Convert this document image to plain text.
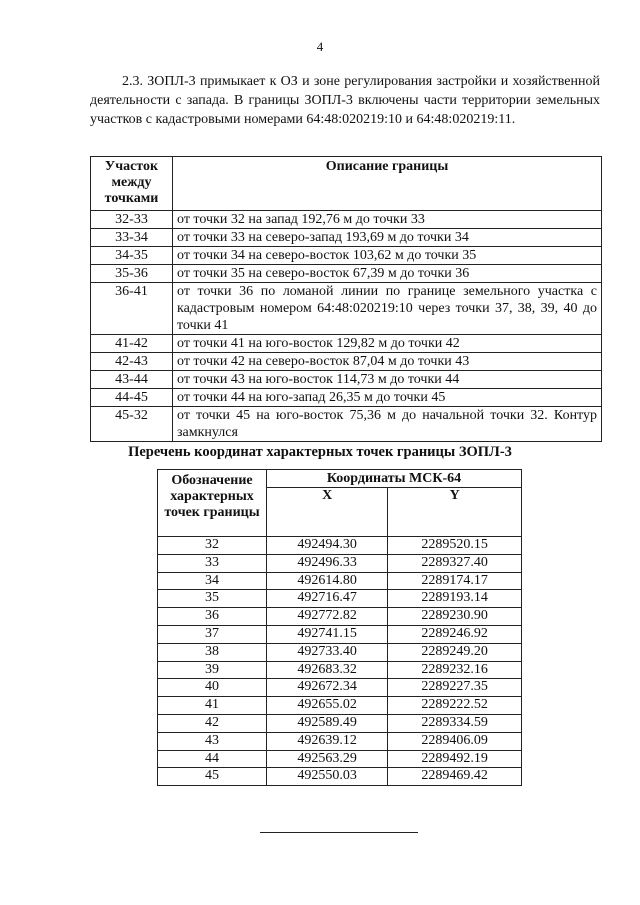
4

2.3. ЗОПЛ-3 примыкает к ОЗ и зоне регулирования застройки и хозяйственной деятельности с запада. В границы ЗОПЛ-3 включены части территории земельных участков с кадастровыми номерами 64:48:020219:10 и 64:48:020219:11.

Участок между точками	Описание границы
32-33	от точки 32 на запад 192,76 м до точки 33
33-34	от точки 33 на северо-запад 193,69 м до точки 34
34-35	от точки 34 на северо-восток 103,62 м до точки 35
35-36	от точки 35 на северо-восток 67,39 м до точки 36
36-41	от точки 36 по ломаной линии по границе земельного участка с кадастровым номером 64:48:020219:10 через точки 37, 38, 39, 40 до точки 41
41-42	от точки 41 на юго-восток 129,82 м до точки 42
42-43	от точки 42 на северо-восток 87,04 м до точки 43
43-44	от точки 43 на юго-восток 114,73 м до точки 44
44-45	от точки 44 на юго-запад 26,35 м до точки 45
45-32	от точки 45 на юго-восток 75,36 м до начальной точки 32. Контур замкнулся
Перечень координат характерных точек границы ЗОПЛ-3
Обозначение характерных точек границы	Координаты МСК-64	
	X	Y
32	492494.30	2289520.15
33	492496.33	2289327.40
34	492614.80	2289174.17
35	492716.47	2289193.14
36	492772.82	2289230.90
37	492741.15	2289246.92
38	492733.40	2289249.20
39	492683.32	2289232.16
40	492672.34	2289227.35
41	492655.02	2289222.52
42	492589.49	2289334.59
43	492639.12	2289406.09
44	492563.29	2289492.19
45	492550.03	2289469.42
